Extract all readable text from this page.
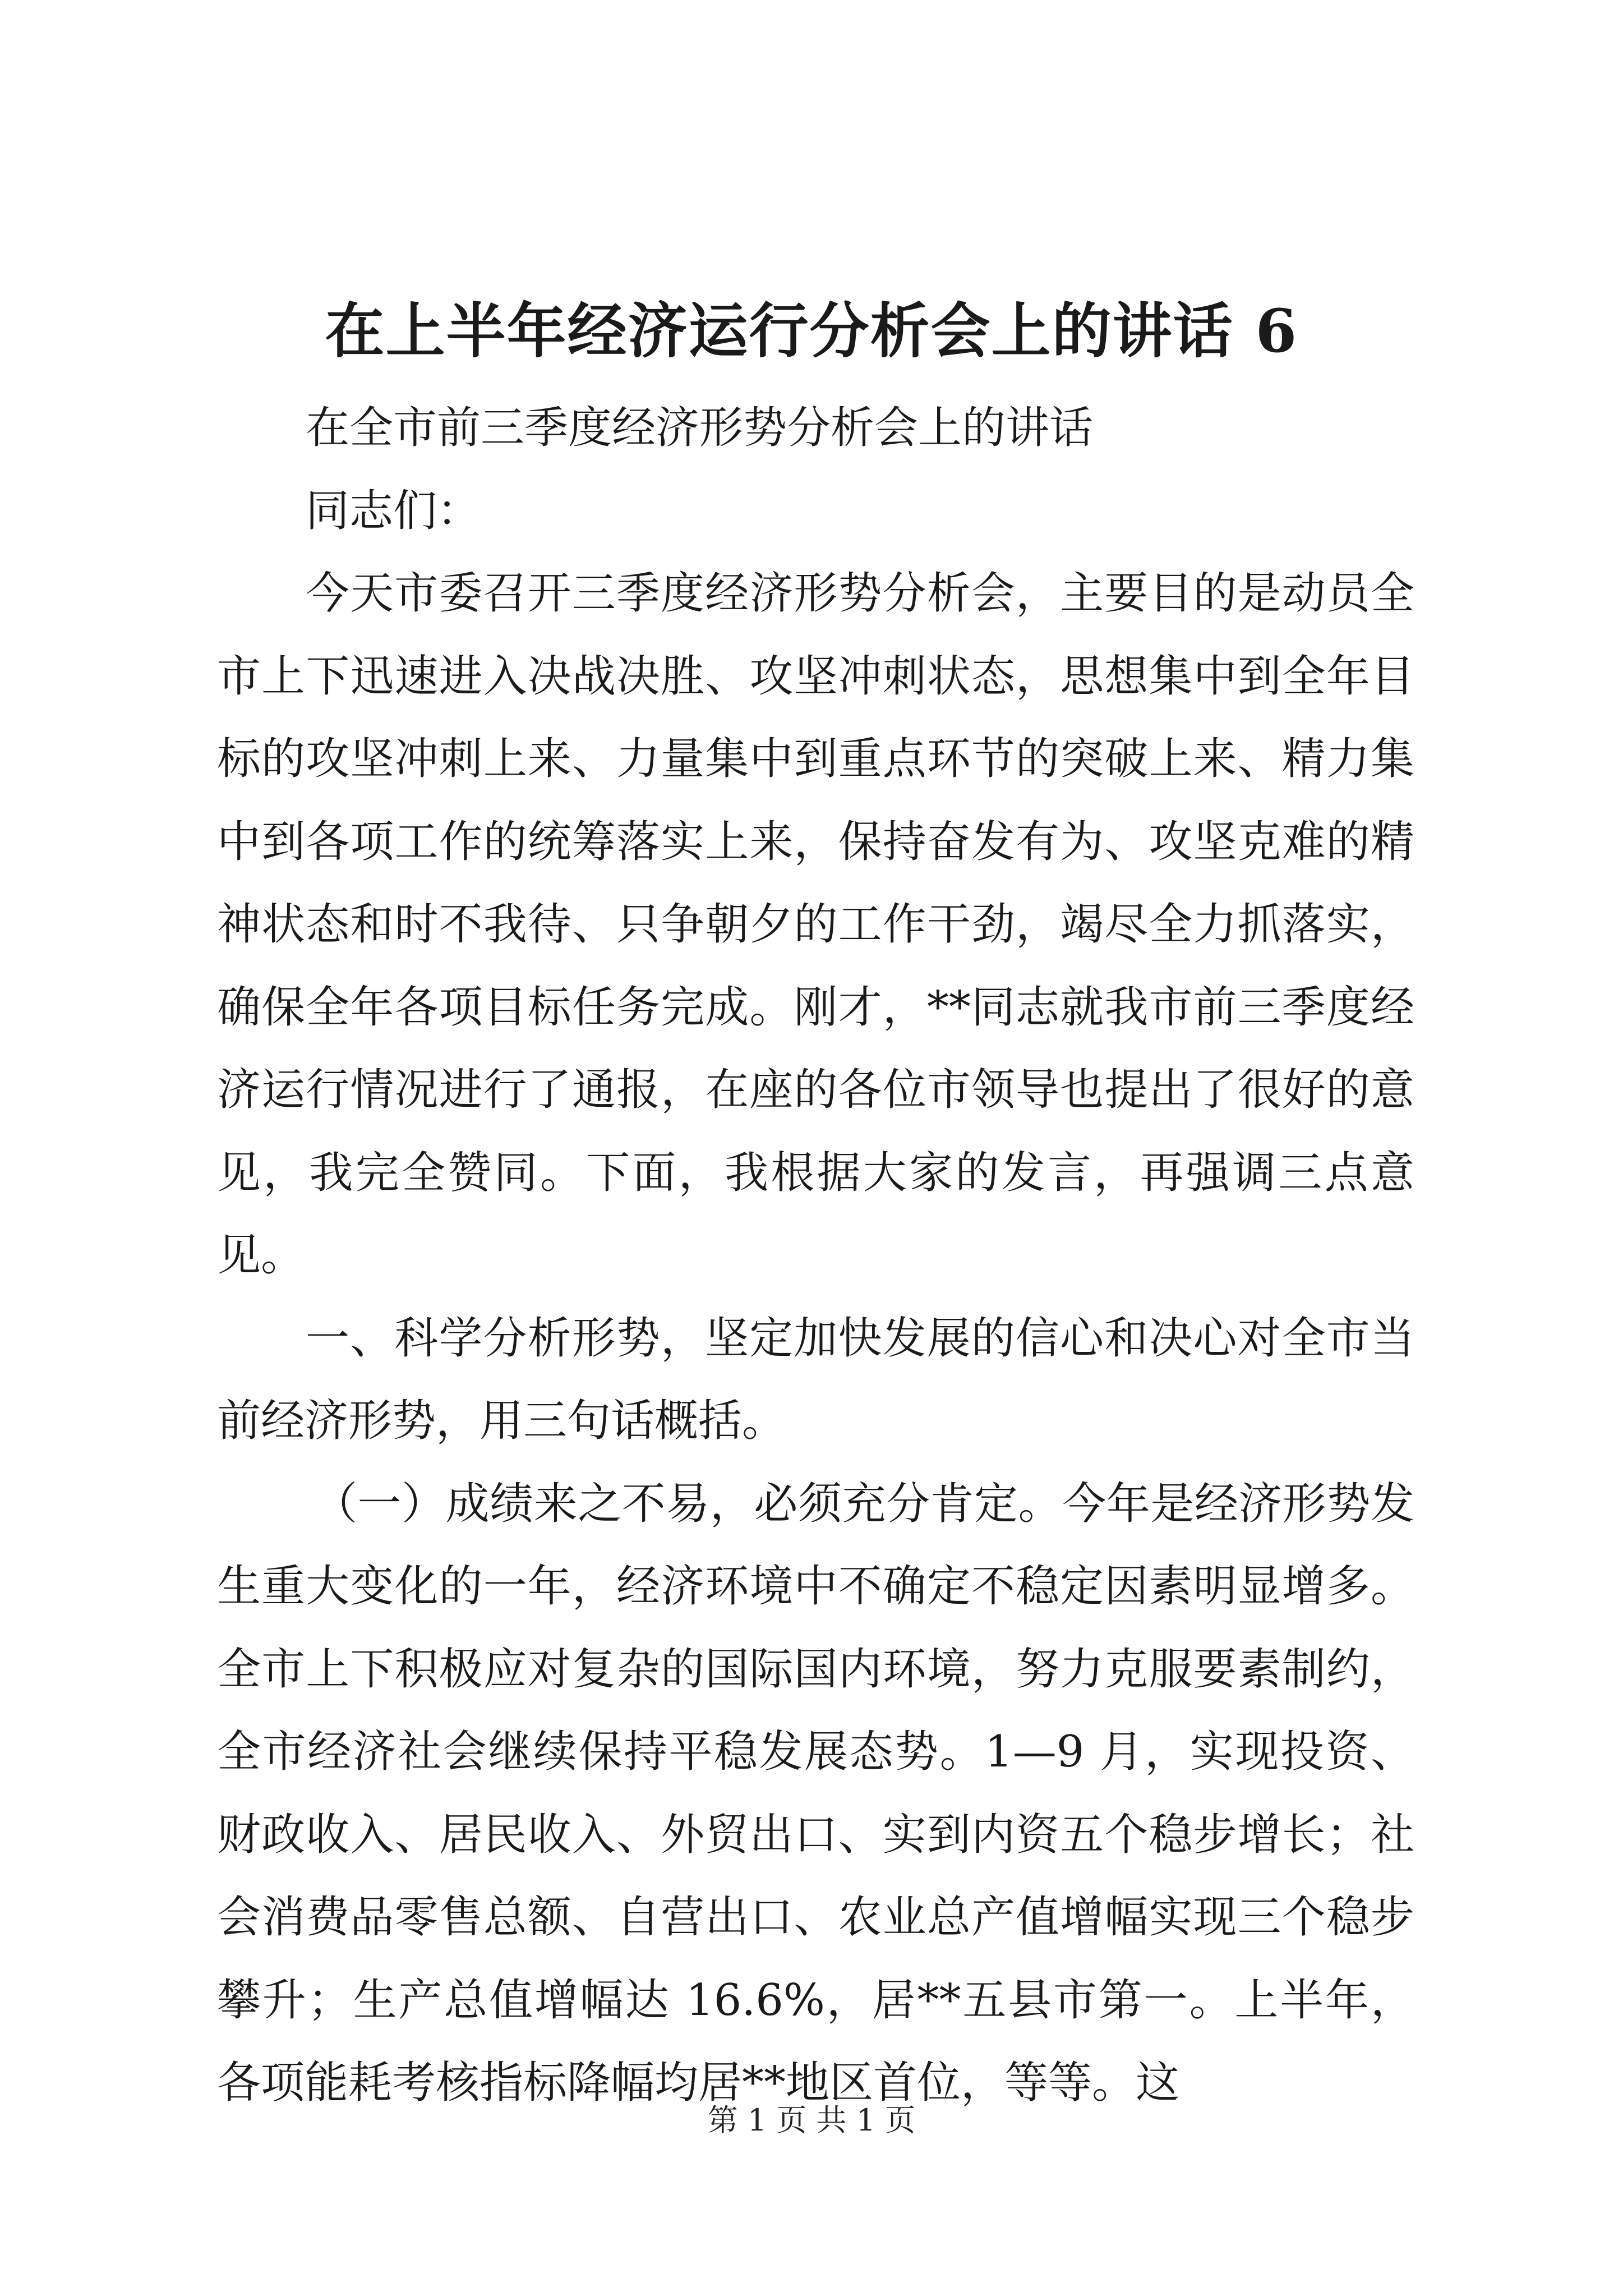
在上半年经济运行分析会上的讲话 6

在全市前三季度经济形势分析会上的讲话

同志们：

今天市委召开三季度经济形势分析会，主要目的是动员全市上下迅速进入决战决胜、攻坚冲刺状态，思想集中到全年目标的攻坚冲刺上来、力量集中到重点环节的突破上来、精力集中到各项工作的统筹落实上来，保持奋发有为、攻坚克难的精神状态和时不我待、只争朝夕的工作干劲，竭尽全力抓落实，确保全年各项目标任务完成。刚才，**同志就我市前三季度经济运行情况进行了通报，在座的各位市领导也提出了很好的意见，我完全赞同。下面，我根据大家的发言，再强调三点意见。

一、科学分析形势，坚定加快发展的信心和决心对全市当前经济形势，用三句话概括。

（一）成绩来之不易，必须充分肯定。今年是经济形势发生重大变化的一年，经济环境中不确定不稳定因素明显增多。全市上下积极应对复杂的国际国内环境，努力克服要素制约，全市经济社会继续保持平稳发展态势。1—9 月，实现投资、财政收入、居民收入、外贸出口、实到内资五个稳步增长；社会消费品零售总额、自营出口、农业总产值增幅实现三个稳步攀升；生产总值增幅达 16.6%，居**五县市第一。上半年，各项能耗考核指标降幅均居**地区首位，等等。这

第 1 页 共 1 页
